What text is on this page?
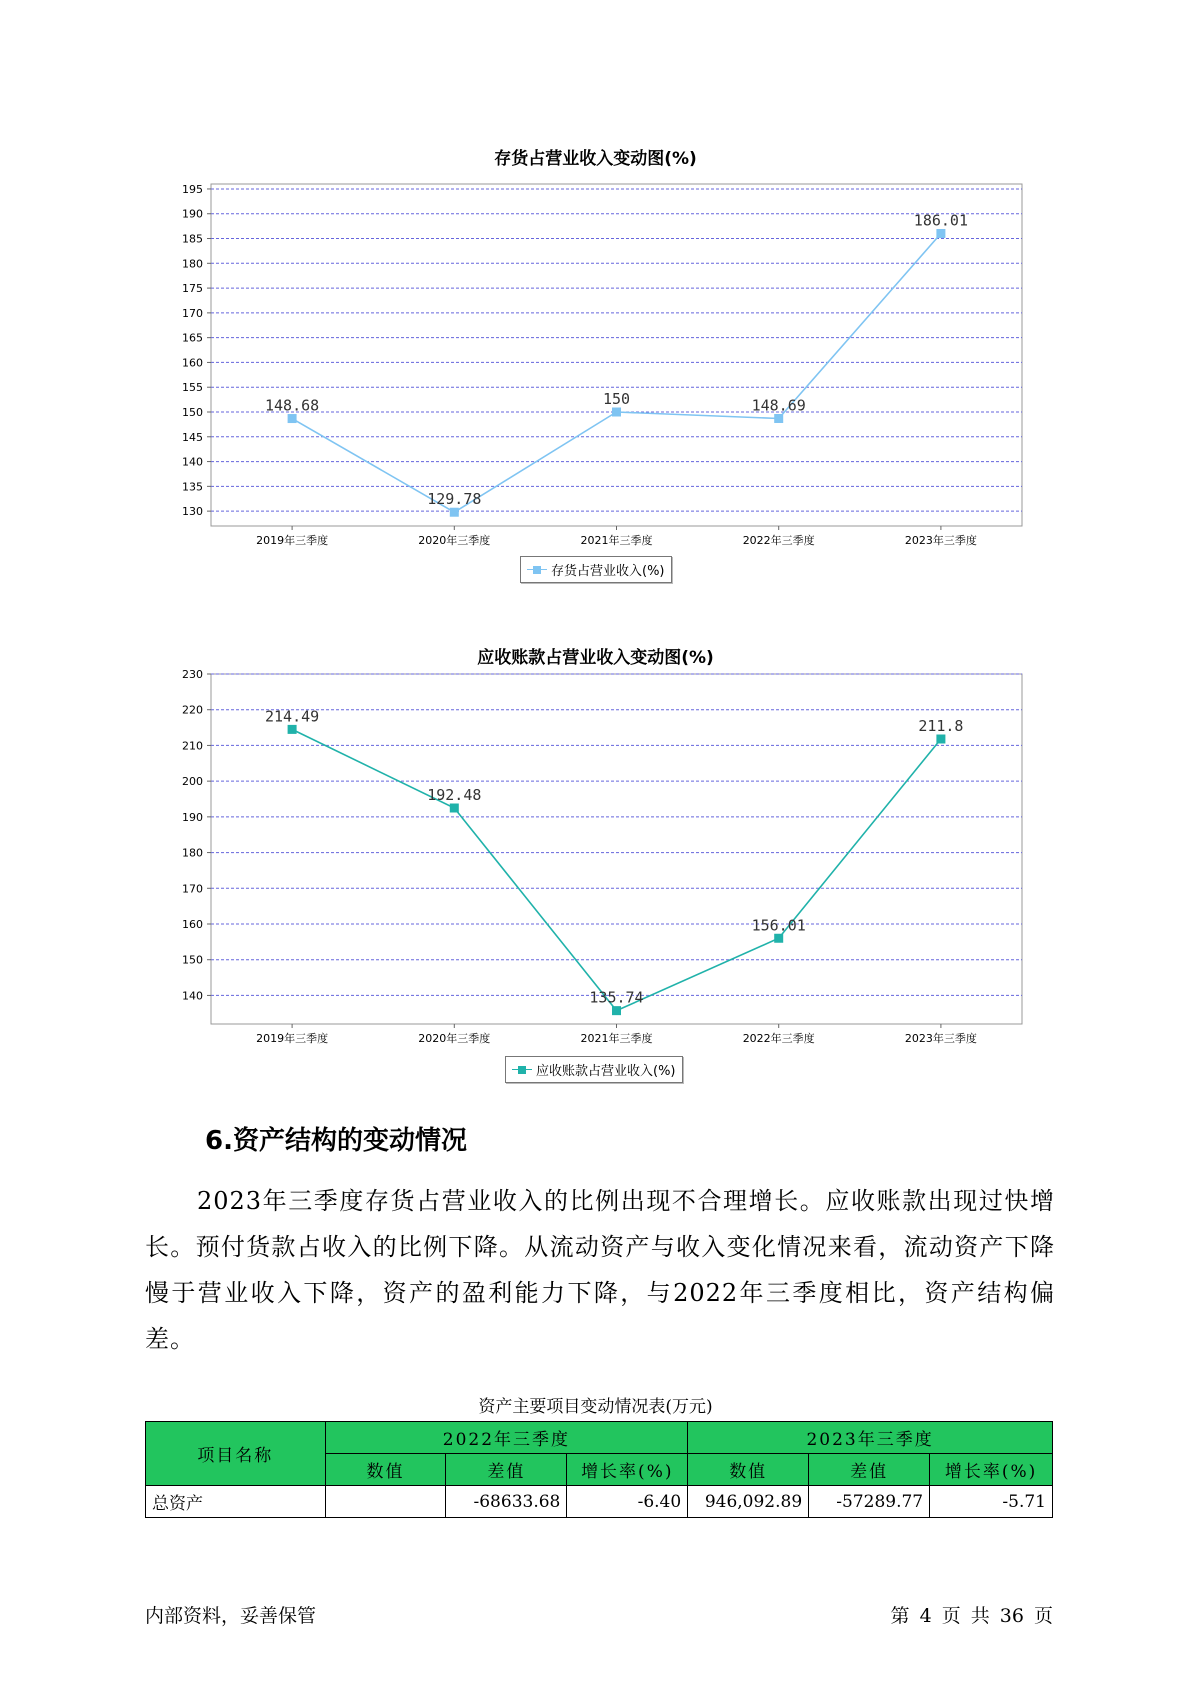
存货占营业收入变动图(%)
130
135
140
145
150
155
160
165
170
175
180
185
190
195
2019年三季度	2020年三季度	2021年三季度	2022年三季度	2023年三季度
148.68
129.78
150	148.69
186.01
存货占营业收入(%)
应收账款占营业收入变动图(%)
140
150
160
170
180
190
200
210
220
230
2019年三季度	2020年三季度	2021年三季度	2022年三季度	2023年三季度
214.49
192.48
135.74
156.01
211.8
应收账款占营业收入(%)
6.资产结构的变动情况

2023年三季度存货占营业收入的比例出现不合理增长。应收账款出现过快增长。预付货款占收入的比例下降。从流动资产与收入变化情况来看，流动资产下降慢于营业收入下降，资产的盈利能力下降，与2022年三季度相比，资产结构偏差。

资产主要项目变动情况表(万元)
项目名称	2022年三季度			2023年三季度		
	数值	差值	增长率(%)	数值	差值	增长率(%)
总资产		-68633.68	-6.40	946,092.89	-57289.77	-5.71
内部资料，妥善保管	第 4 页 共 36 页
